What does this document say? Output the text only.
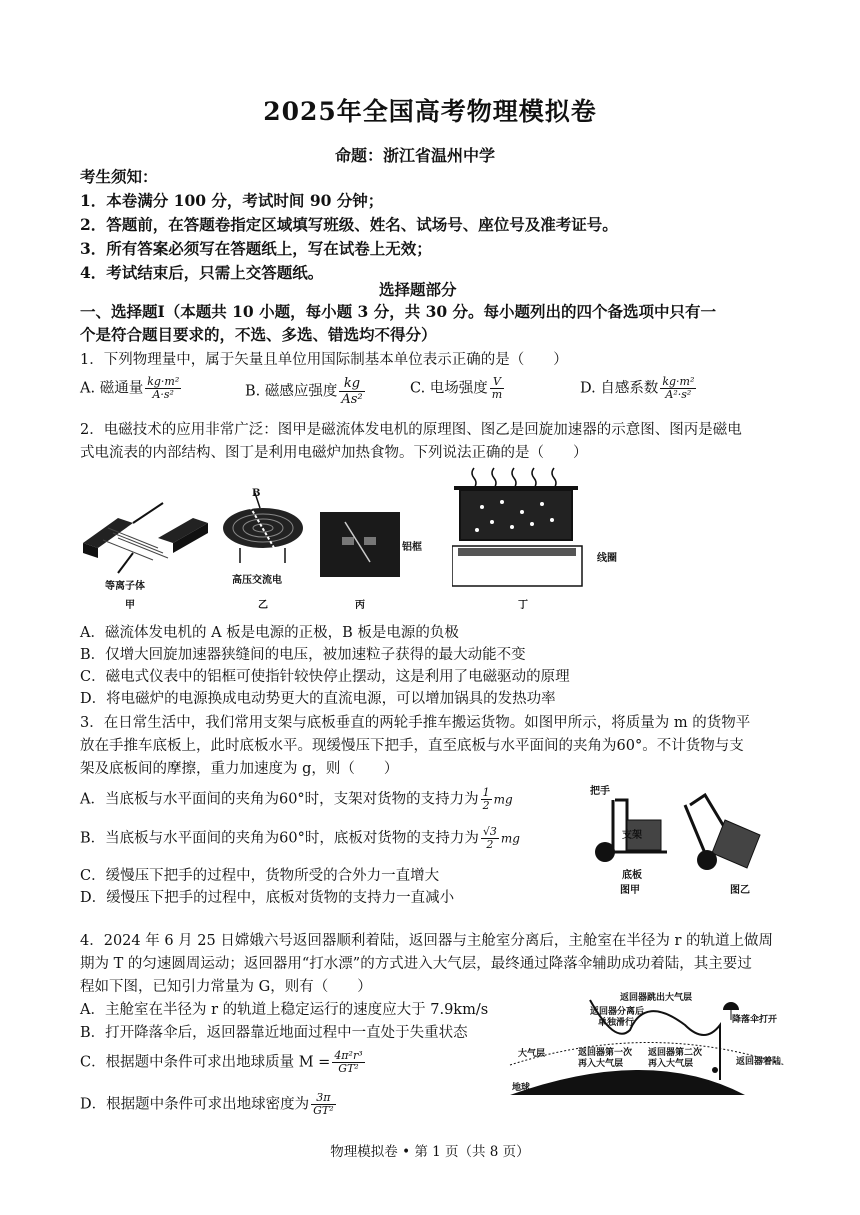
2025年全国高考物理模拟卷
命题：浙江省温州中学
考生须知：
1．本卷满分 100 分，考试时间 90 分钟；
2．答题前，在答题卷指定区域填写班级、姓名、试场号、座位号及准考证号。
3．所有答案必须写在答题纸上，写在试卷上无效；
4．考试结束后，只需上交答题纸。
选择题部分
一、选择题Ⅰ（本题共 10 小题，每小题 3 分，共 30 分。每小题列出的四个备选项中只有一
个是符合题目要求的，不选、多选、错选均不得分）
1．下列物理量中，属于矢量且单位用国际制基本单位表示正确的是（　　）
A. 磁通量 $\frac{\text{kg·m²}}{\text{A·s²}}$	B. 磁感应强度 $\frac{kg}{\text{As²}}$	C. 电场强度 $\frac{V}{m}$	D. 自感系数 $\frac{\text{kg·m²}}{\text{A²·s²}}$
2．电磁技术的应用非常广泛：图甲是磁流体发电机的原理图、图乙是回旋加速器的示意图、图丙是磁电
式电流表的内部结构、图丁是利用电磁炉加热食物。下列说法正确的是（　　）
等离子体
甲
B
高压交流电
乙
铝框
丙
线圈
丁
A．磁流体发电机的 A 板是电源的正极，B 板是电源的负极
B．仅增大回旋加速器狭缝间的电压，被加速粒子获得的最大动能不变
C．磁电式仪表中的铝框可使指针较快停止摆动，这是利用了电磁驱动的原理
D．将电磁炉的电源换成电动势更大的直流电源，可以增加锅具的发热功率
3．在日常生活中，我们常用支架与底板垂直的两轮手推车搬运货物。如图甲所示，将质量为 m 的货物平
放在手推车底板上，此时底板水平。现缓慢压下把手，直至底板与水平面间的夹角为60°。不计货物与支
架及底板间的摩擦，重力加速度为 g，则（　　）
A．当底板与水平面间的夹角为60°时，支架对货物的支持力为 $\frac{1}{2}$ mg
B．当底板与水平面间的夹角为60°时，底板对货物的支持力为 $\frac{√3}{2}$ mg
C．缓慢压下把手的过程中，货物所受的合外力一直增大
D．缓慢压下把手的过程中，底板对货物的支持力一直减小
把手
支架
底板
图甲	图乙
4．2024 年 6 月 25 日嫦娥六号返回器顺利着陆，返回器与主舱室分离后，主舱室在半径为 r 的轨道上做周
期为 T 的匀速圆周运动；返回器用“打水漂”的方式进入大气层，最终通过降落伞辅助成功着陆，其主要过
程如下图，已知引力常量为 G，则有（　　）
A．主舱室在半径为 r 的轨道上稳定运行的速度应大于 7.9km/s
B．打开降落伞后，返回器靠近地面过程中一直处于失重状态
C．根据题中条件可求出地球质量 $M = \frac{\text{4π²r³}}{\text{GT²}}$
D．根据题中条件可求出地球密度为 $\frac{3\pi}{\text{GT²}}$
返回器分离后
单独滑行
返回器跳出大气层
降落伞打开
大气层	返回器第一次
再入大气层
返回器第二次
再入大气层	返回器着陆
地球
物理模拟卷 • 第 1 页（共 8 页）
